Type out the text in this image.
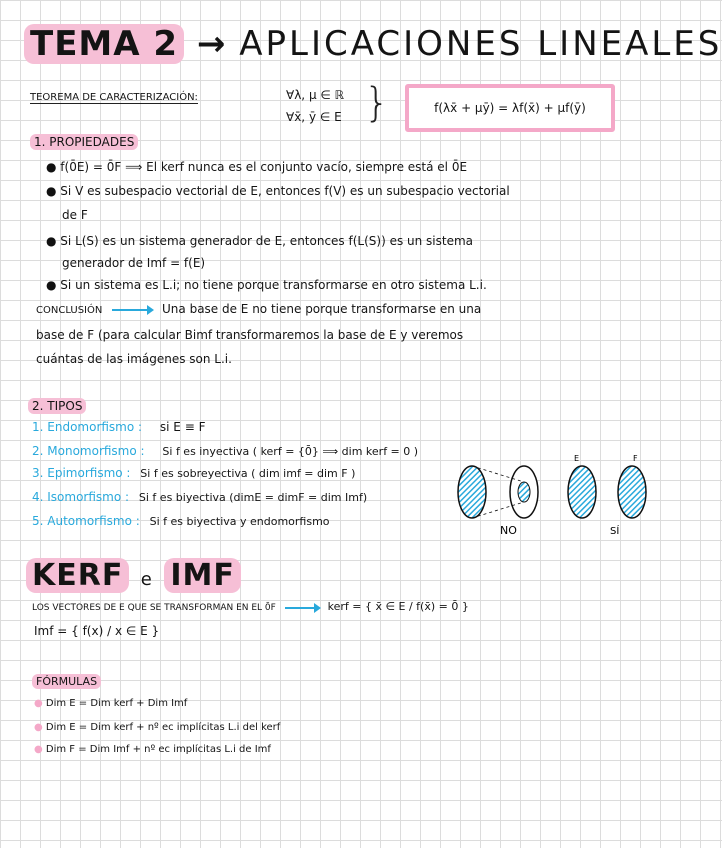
TEMA 2 → APLICACIONES LINEALES
TEOREMA DE CARACTERIZACIÓN:	∀λ, μ ∈ ℝ
∀x̄, ȳ ∈ E }	f(λx̄ + μȳ) = λf(x̄) + μf(ȳ)
1. PROPIEDADES
● f(0̄E) = 0̄F ⟹ El kerf nunca es el conjunto vacío, siempre está el 0̄E
● Si V es subespacio vectorial de E, entonces f(V) es un subespacio vectorial
de F
● Si L(S) es un sistema generador de E, entonces f(L(S)) es un sistema
generador de Imf = f(E)
● Si un sistema es L.i; no tiene porque transformarse en otro sistema L.i.
CONCLUSIÓN	Una base de E no tiene porque transformarse en una
base de F (para calcular Bimf transformaremos la base de E y veremos
cuántas de las imágenes son L.i.
2. TIPOS
1. Endomorfismo : si E ≡ F
2. Monomorfismo : Si f es inyectiva ( kerf = {0̄} ⟹ dim kerf = 0 )
3. Epimorfismo : Si f es sobreyectiva ( dim imf = dim F )
4. Isomorfismo : Si f es biyectiva (dimE = dimF = dim Imf)
5. Automorfismo : Si f es biyectiva y endomorfismo
E	F
NO	SÍ
KERF e IMF
LOS VECTORES DE E QUE SE TRANSFORMAN EN EL 0̄F	kerf = { x̄ ∈ E / f(x̄) = 0̄ }
Imf = { f(x) / x ∈ E }
FÓRMULAS
● Dim E = Dim kerf + Dim Imf
● Dim E = Dim kerf + nº ec implícitas L.i del kerf
● Dim F = Dim Imf + nº ec implícitas L.i de Imf
